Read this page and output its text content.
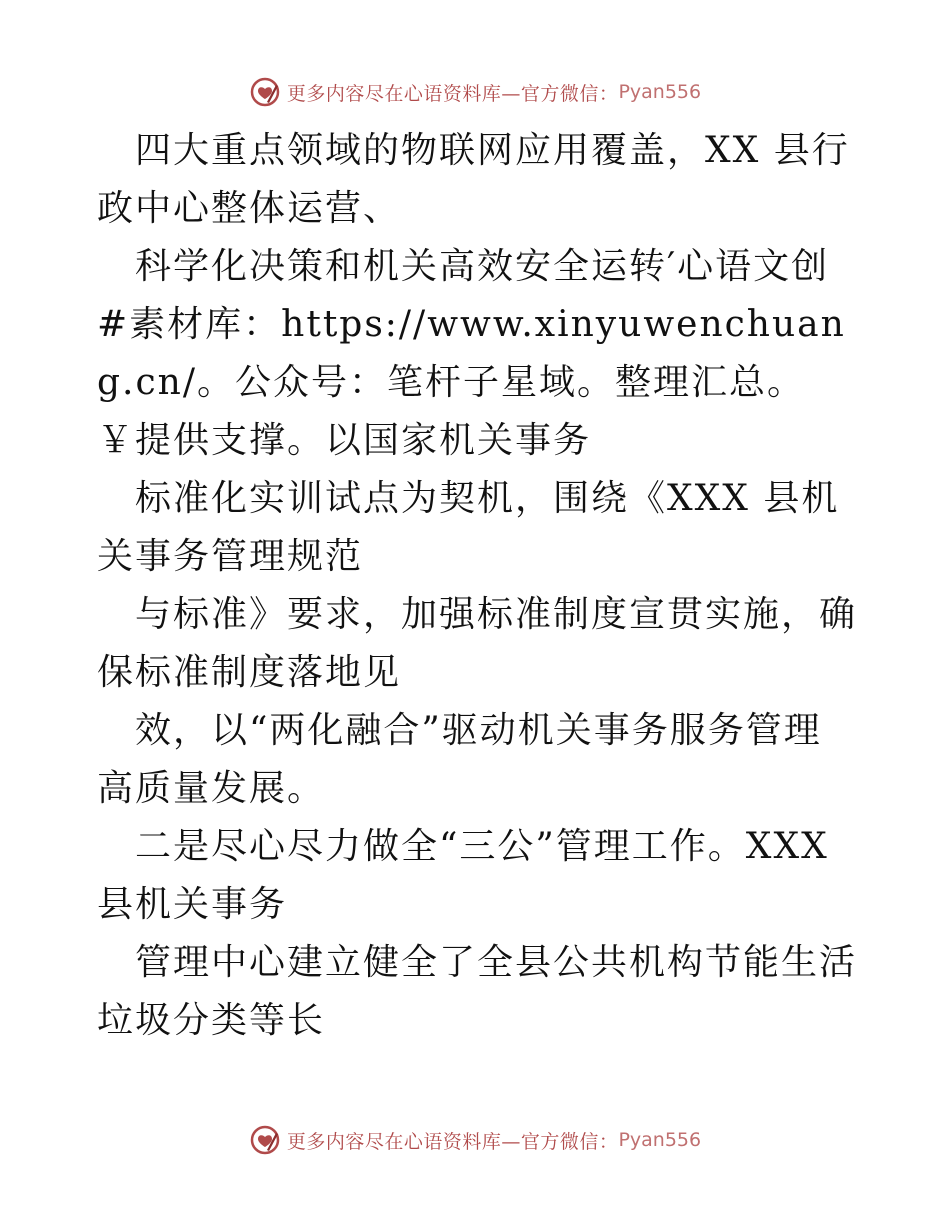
更多内容尽在心语资料库— 官方微信： Pyan556

四大重点领域的物联网应用覆盖，XX 县行政中心整体运营、

科学化决策和机关高效安全运转′心语文创#素材库：https://www.xinyuwenchuang.cn/。公众号：笔杆子星域。整理汇总。￥提供支撑。以国家机关事务

标准化实训试点为契机，围绕《XXX 县机关事务管理规范

与标准》要求，加强标准制度宣贯实施，确保标准制度落地见

效，以“两化融合”驱动机关事务服务管理高质量发展。

二是尽心尽力做全“三公”管理工作。XXX 县机关事务

管理中心建立健全了全县公共机构节能生活垃圾分类等长

更多内容尽在心语资料库— 官方微信： Pyan556
